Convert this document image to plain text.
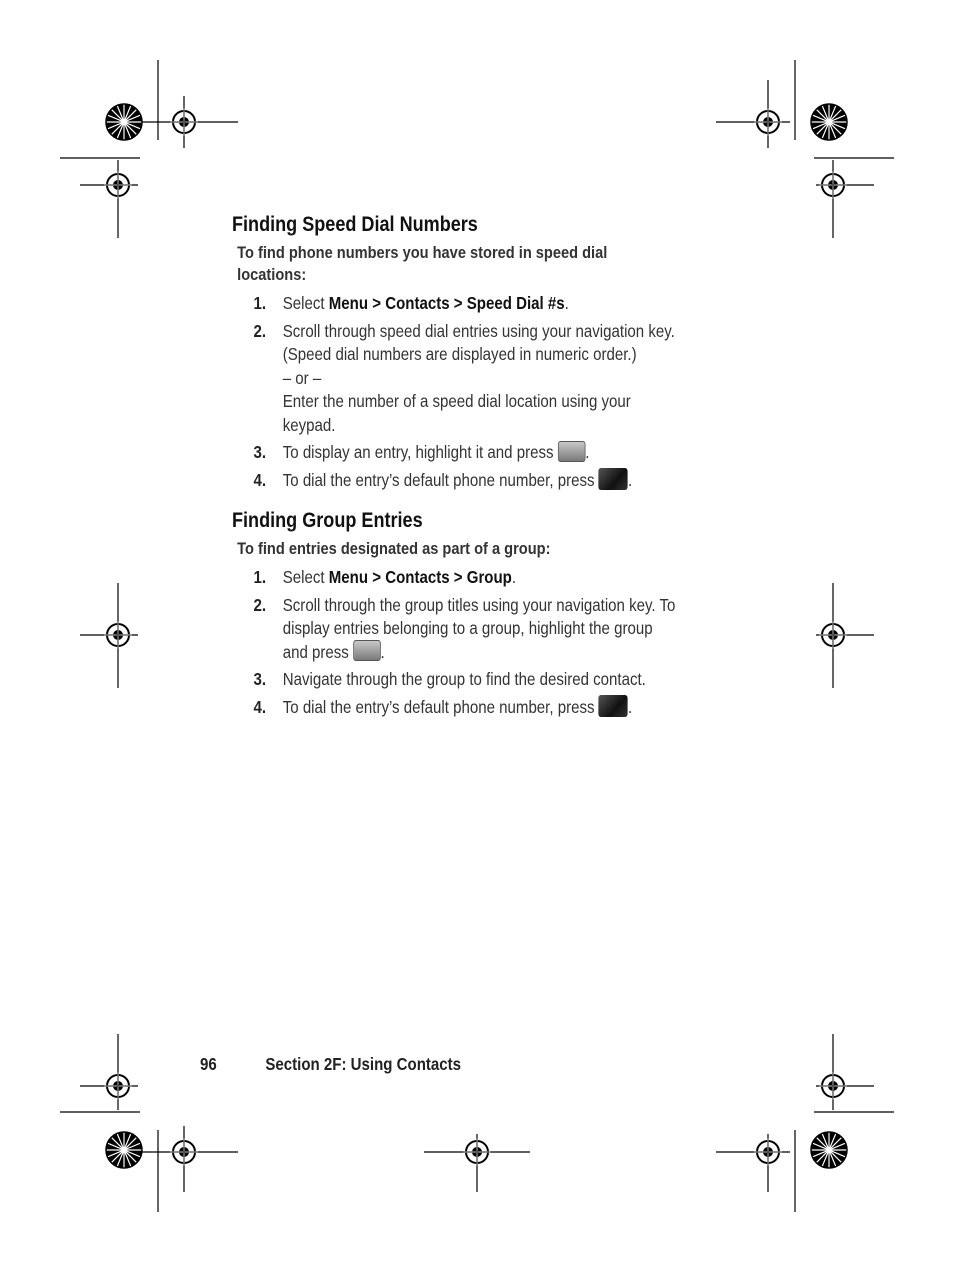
Finding Speed Dial Numbers
To find phone numbers you have stored in speed dial locations:
1. Select Menu > Contacts > Speed Dial #s.
2. Scroll through speed dial entries using your navigation key. (Speed dial numbers are displayed in numeric order.)
– or –
Enter the number of a speed dial location using your keypad.
3. To display an entry, highlight it and press .
4. To dial the entry’s default phone number, press .
Finding Group Entries
To find entries designated as part of a group:
1. Select Menu > Contacts > Group.
2. Scroll through the group titles using your navigation key. To display entries belonging to a group, highlight the group and press .
3. Navigate through the group to find the desired contact.
4. To dial the entry’s default phone number, press .
96	Section 2F: Using Contacts
